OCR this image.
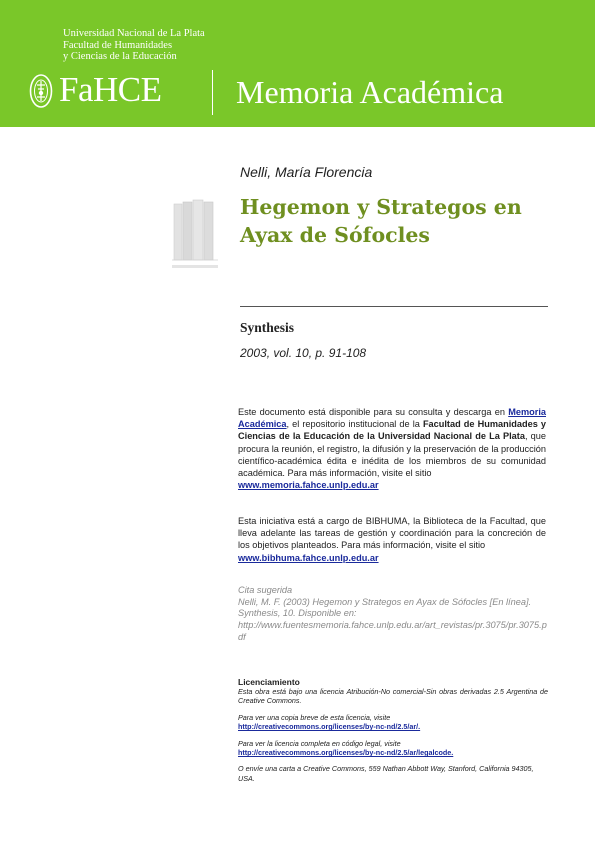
Universidad Nacional de La Plata
Facultad de Humanidades
y Ciencias de la Educación
FaHCE Memoria Académica
Nelli, María Florencia
Hegemon y Strategos en Ayax de Sófocles
Synthesis
2003, vol. 10, p. 91-108
Este documento está disponible para su consulta y descarga en Memoria Académica, el repositorio institucional de la Facultad de Humanidades y Ciencias de la Educación de la Universidad Nacional de La Plata, que procura la reunión, el registro, la difusión y la preservación de la producción científico-académica édita e inédita de los miembros de su comunidad académica. Para más información, visite el sitio
www.memoria.fahce.unlp.edu.ar
Esta iniciativa está a cargo de BIBHUMA, la Biblioteca de la Facultad, que lleva adelante las tareas de gestión y coordinación para la concreción de los objetivos planteados. Para más información, visite el sitio
www.bibhuma.fahce.unlp.edu.ar
Cita sugerida
Nelli, M. F. (2003) Hegemon y Strategos en Ayax de Sófocles [En línea]. Synthesis, 10. Disponible en:
http://www.fuentesmemoria.fahce.unlp.edu.ar/art_revistas/pr.3075/pr.3075.pdf
Licenciamiento
Esta obra está bajo una licencia Atribución-No comercial-Sin obras derivadas 2.5 Argentina de Creative Commons.
Para ver una copia breve de esta licencia, visite
http://creativecommons.org/licenses/by-nc-nd/2.5/ar/.
Para ver la licencia completa en código legal, visite
http://creativecommons.org/licenses/by-nc-nd/2.5/ar/legalcode.
O envíe una carta a Creative Commons, 559 Nathan Abbott Way, Stanford, California 94305, USA.
